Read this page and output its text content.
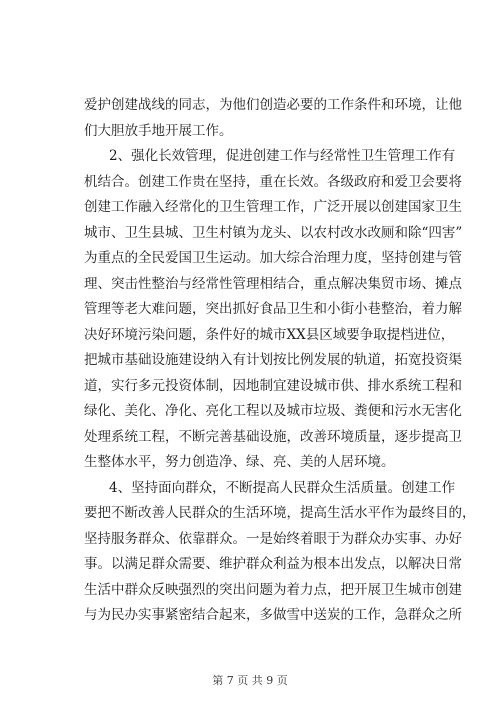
爱护创建战线的同志，为他们创造必要的工作条件和环境，让他
们大胆放手地开展工作。
2、强化长效管理，促进创建工作与经常性卫生管理工作有
机结合。创建工作贵在坚持，重在长效。各级政府和爱卫会要将
创建工作融入经常化的卫生管理工作，广泛开展以创建国家卫生
城市、卫生县城、卫生村镇为龙头、以农村改水改厕和除“四害”
为重点的全民爱国卫生运动。加大综合治理力度，坚持创建与管
理、突击性整治与经常性管理相结合，重点解决集贸市场、摊点
管理等老大难问题，突出抓好食品卫生和小街小巷整治，着力解
决好环境污染问题，条件好的城市XX县区域要争取提档进位，
把城市基础设施建设纳入有计划按比例发展的轨道，拓宽投资渠
道，实行多元投资体制，因地制宜建设城市供、排水系统工程和
绿化、美化、净化、亮化工程以及城市垃圾、粪便和污水无害化
处理系统工程，不断完善基础设施，改善环境质量，逐步提高卫
生整体水平，努力创造净、绿、亮、美的人居环境。
4、坚持面向群众，不断提高人民群众生活质量。创建工作
要把不断改善人民群众的生活环境，提高生活水平作为最终目的，
坚持服务群众、依靠群众。一是始终着眼于为群众办实事、办好
事。以满足群众需要、维护群众利益为根本出发点，以解决日常
生活中群众反映强烈的突出问题为着力点，把开展卫生城市创建
与为民办实事紧密结合起来，多做雪中送炭的工作，急群众之所
第 7 页 共 9 页
